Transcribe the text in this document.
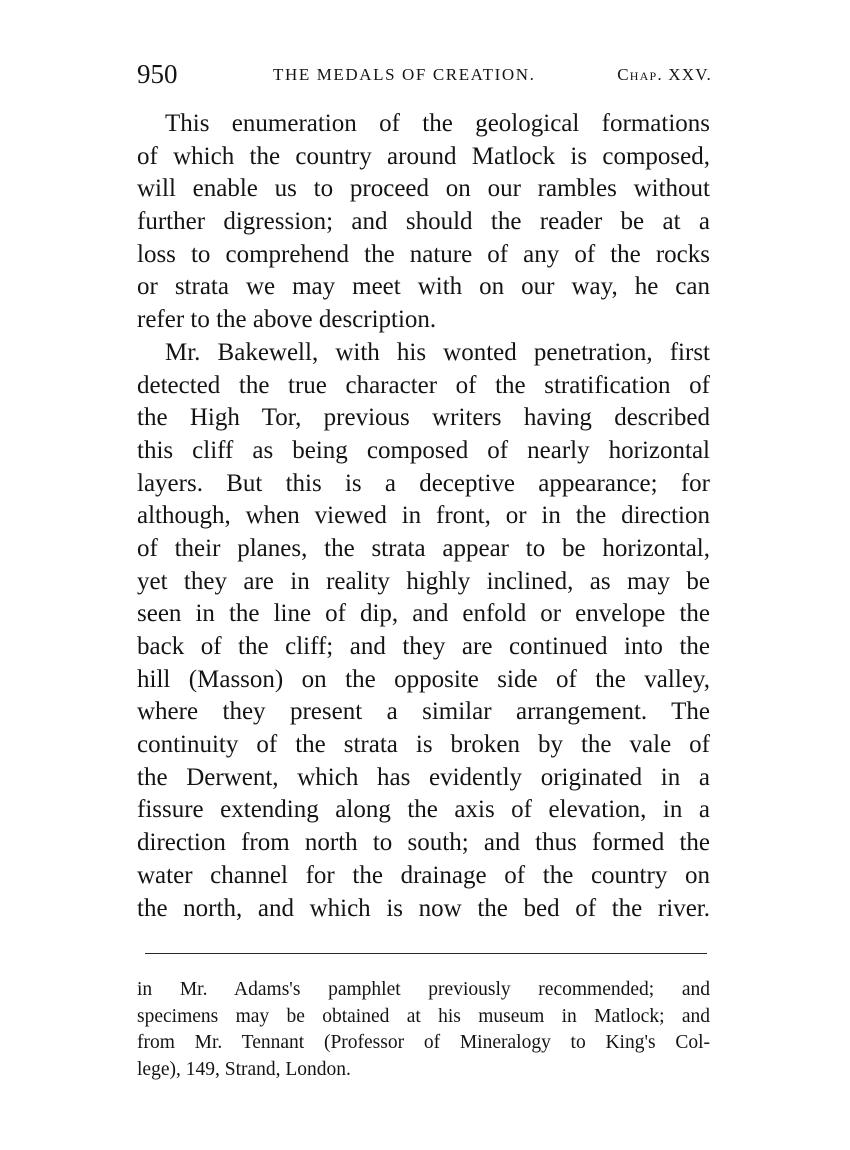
950	THE MEDALS OF CREATION.	Chap. XXV.
This enumeration of the geological formations
of which the country around Matlock is composed,
will enable us to proceed on our rambles without
further digression; and should the reader be at a
loss to comprehend the nature of any of the rocks
or strata we may meet with on our way, he can
refer to the above description.
Mr. Bakewell, with his wonted penetration, first
detected the true character of the stratification of
the High Tor, previous writers having described
this cliff as being composed of nearly horizontal
layers. But this is a deceptive appearance; for
although, when viewed in front, or in the direction
of their planes, the strata appear to be horizontal,
yet they are in reality highly inclined, as may be
seen in the line of dip, and enfold or envelope the
back of the cliff; and they are continued into the
hill (Masson) on the opposite side of the valley,
where they present a similar arrangement. The
continuity of the strata is broken by the vale of
the Derwent, which has evidently originated in a
fissure extending along the axis of elevation, in a
direction from north to south; and thus formed the
water channel for the drainage of the country on
the north, and which is now the bed of the river.
in Mr. Adams's pamphlet previously recommended; and
specimens may be obtained at his museum in Matlock; and
from Mr. Tennant (Professor of Mineralogy to King's Col-
lege), 149, Strand, London.
